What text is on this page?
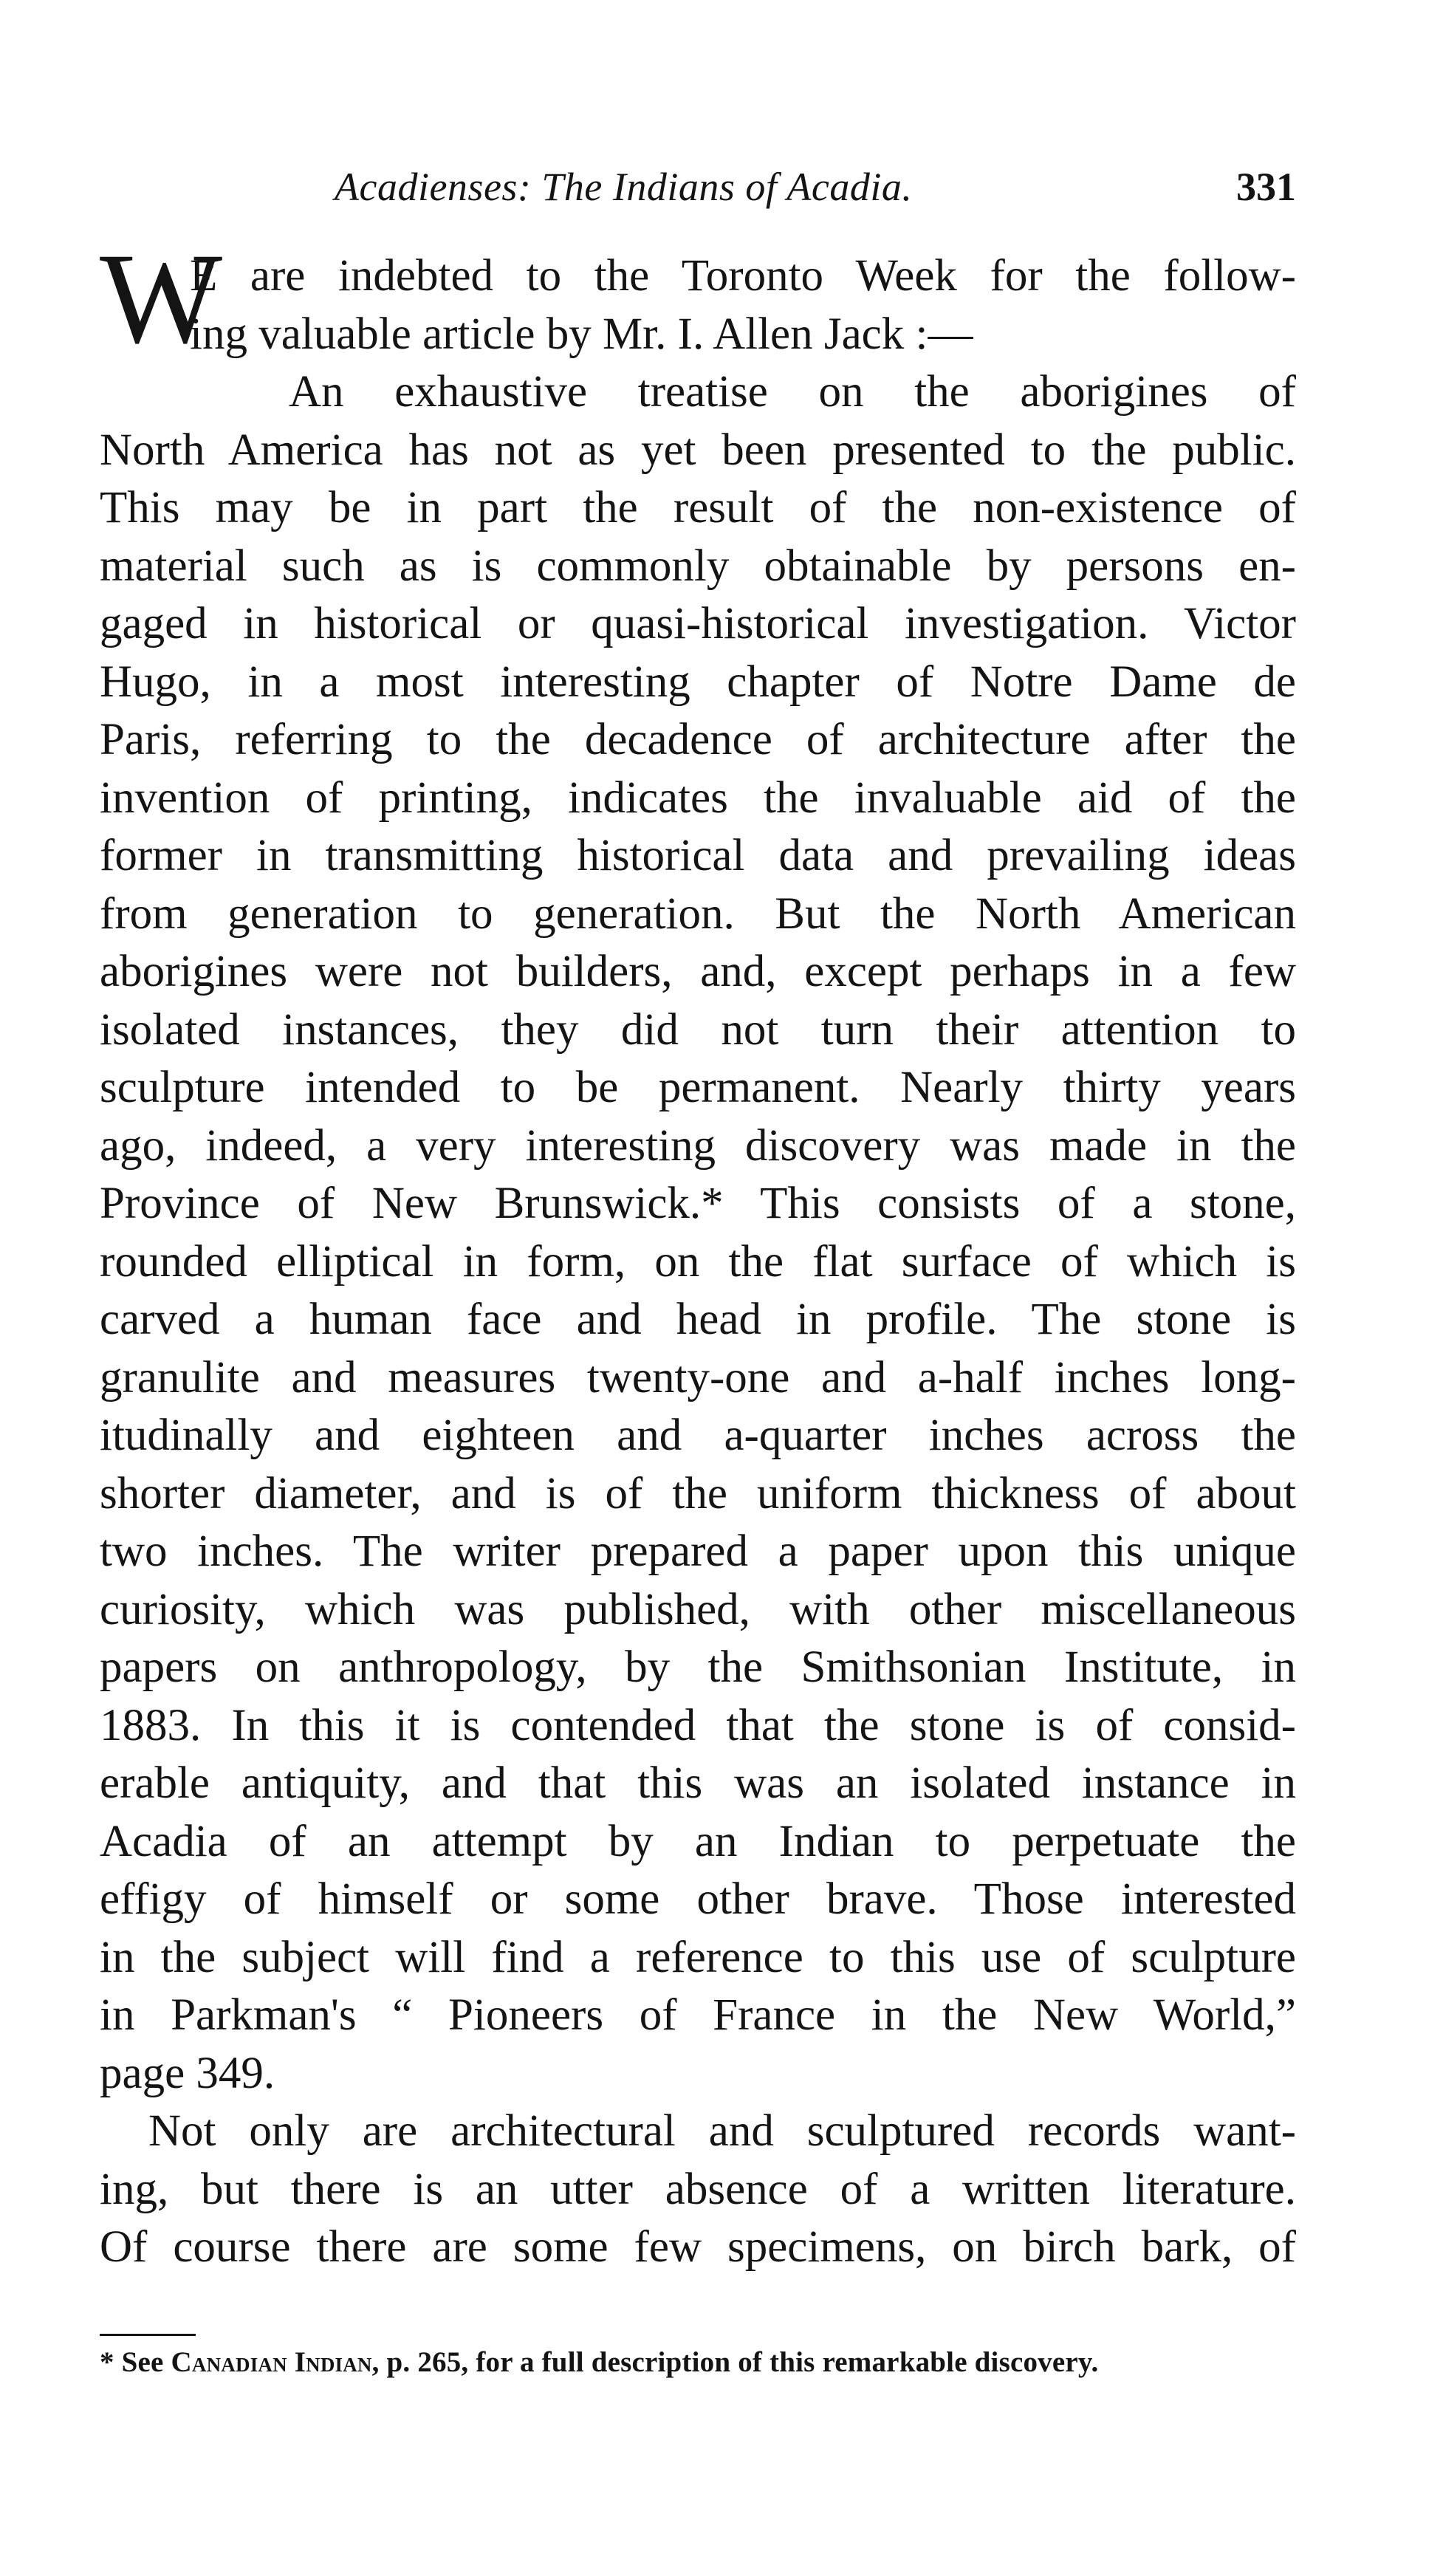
Acadienses: The Indians of Acadia.	331
W
E are indebted to the Toronto Week for the follow-
ing valuable article by Mr. I. Allen Jack :—
An exhaustive treatise on the aborigines of
North America has not as yet been presented to the public.
This may be in part the result of the non-existence of
material such as is commonly obtainable by persons en-
gaged in historical or quasi-historical investigation. Victor
Hugo, in a most interesting chapter of Notre Dame de
Paris, referring to the decadence of architecture after the
invention of printing, indicates the invaluable aid of the
former in transmitting historical data and prevailing ideas
from generation to generation. But the North American
aborigines were not builders, and, except perhaps in a few
isolated instances, they did not turn their attention to
sculpture intended to be permanent. Nearly thirty years
ago, indeed, a very interesting discovery was made in the
Province of New Brunswick.* This consists of a stone,
rounded elliptical in form, on the flat surface of which is
carved a human face and head in profile. The stone is
granulite and measures twenty-one and a-half inches long-
itudinally and eighteen and a-quarter inches across the
shorter diameter, and is of the uniform thickness of about
two inches. The writer prepared a paper upon this unique
curiosity, which was published, with other miscellaneous
papers on anthropology, by the Smithsonian Institute, in
1883. In this it is contended that the stone is of consid-
erable antiquity, and that this was an isolated instance in
Acadia of an attempt by an Indian to perpetuate the
effigy of himself or some other brave. Those interested
in the subject will find a reference to this use of sculpture
in Parkman's “ Pioneers of France in the New World,”
page 349.
Not only are architectural and sculptured records want-
ing, but there is an utter absence of a written literature.
Of course there are some few specimens, on birch bark, of
* See Canadian Indian, p. 265, for a full description of this remarkable discovery.
